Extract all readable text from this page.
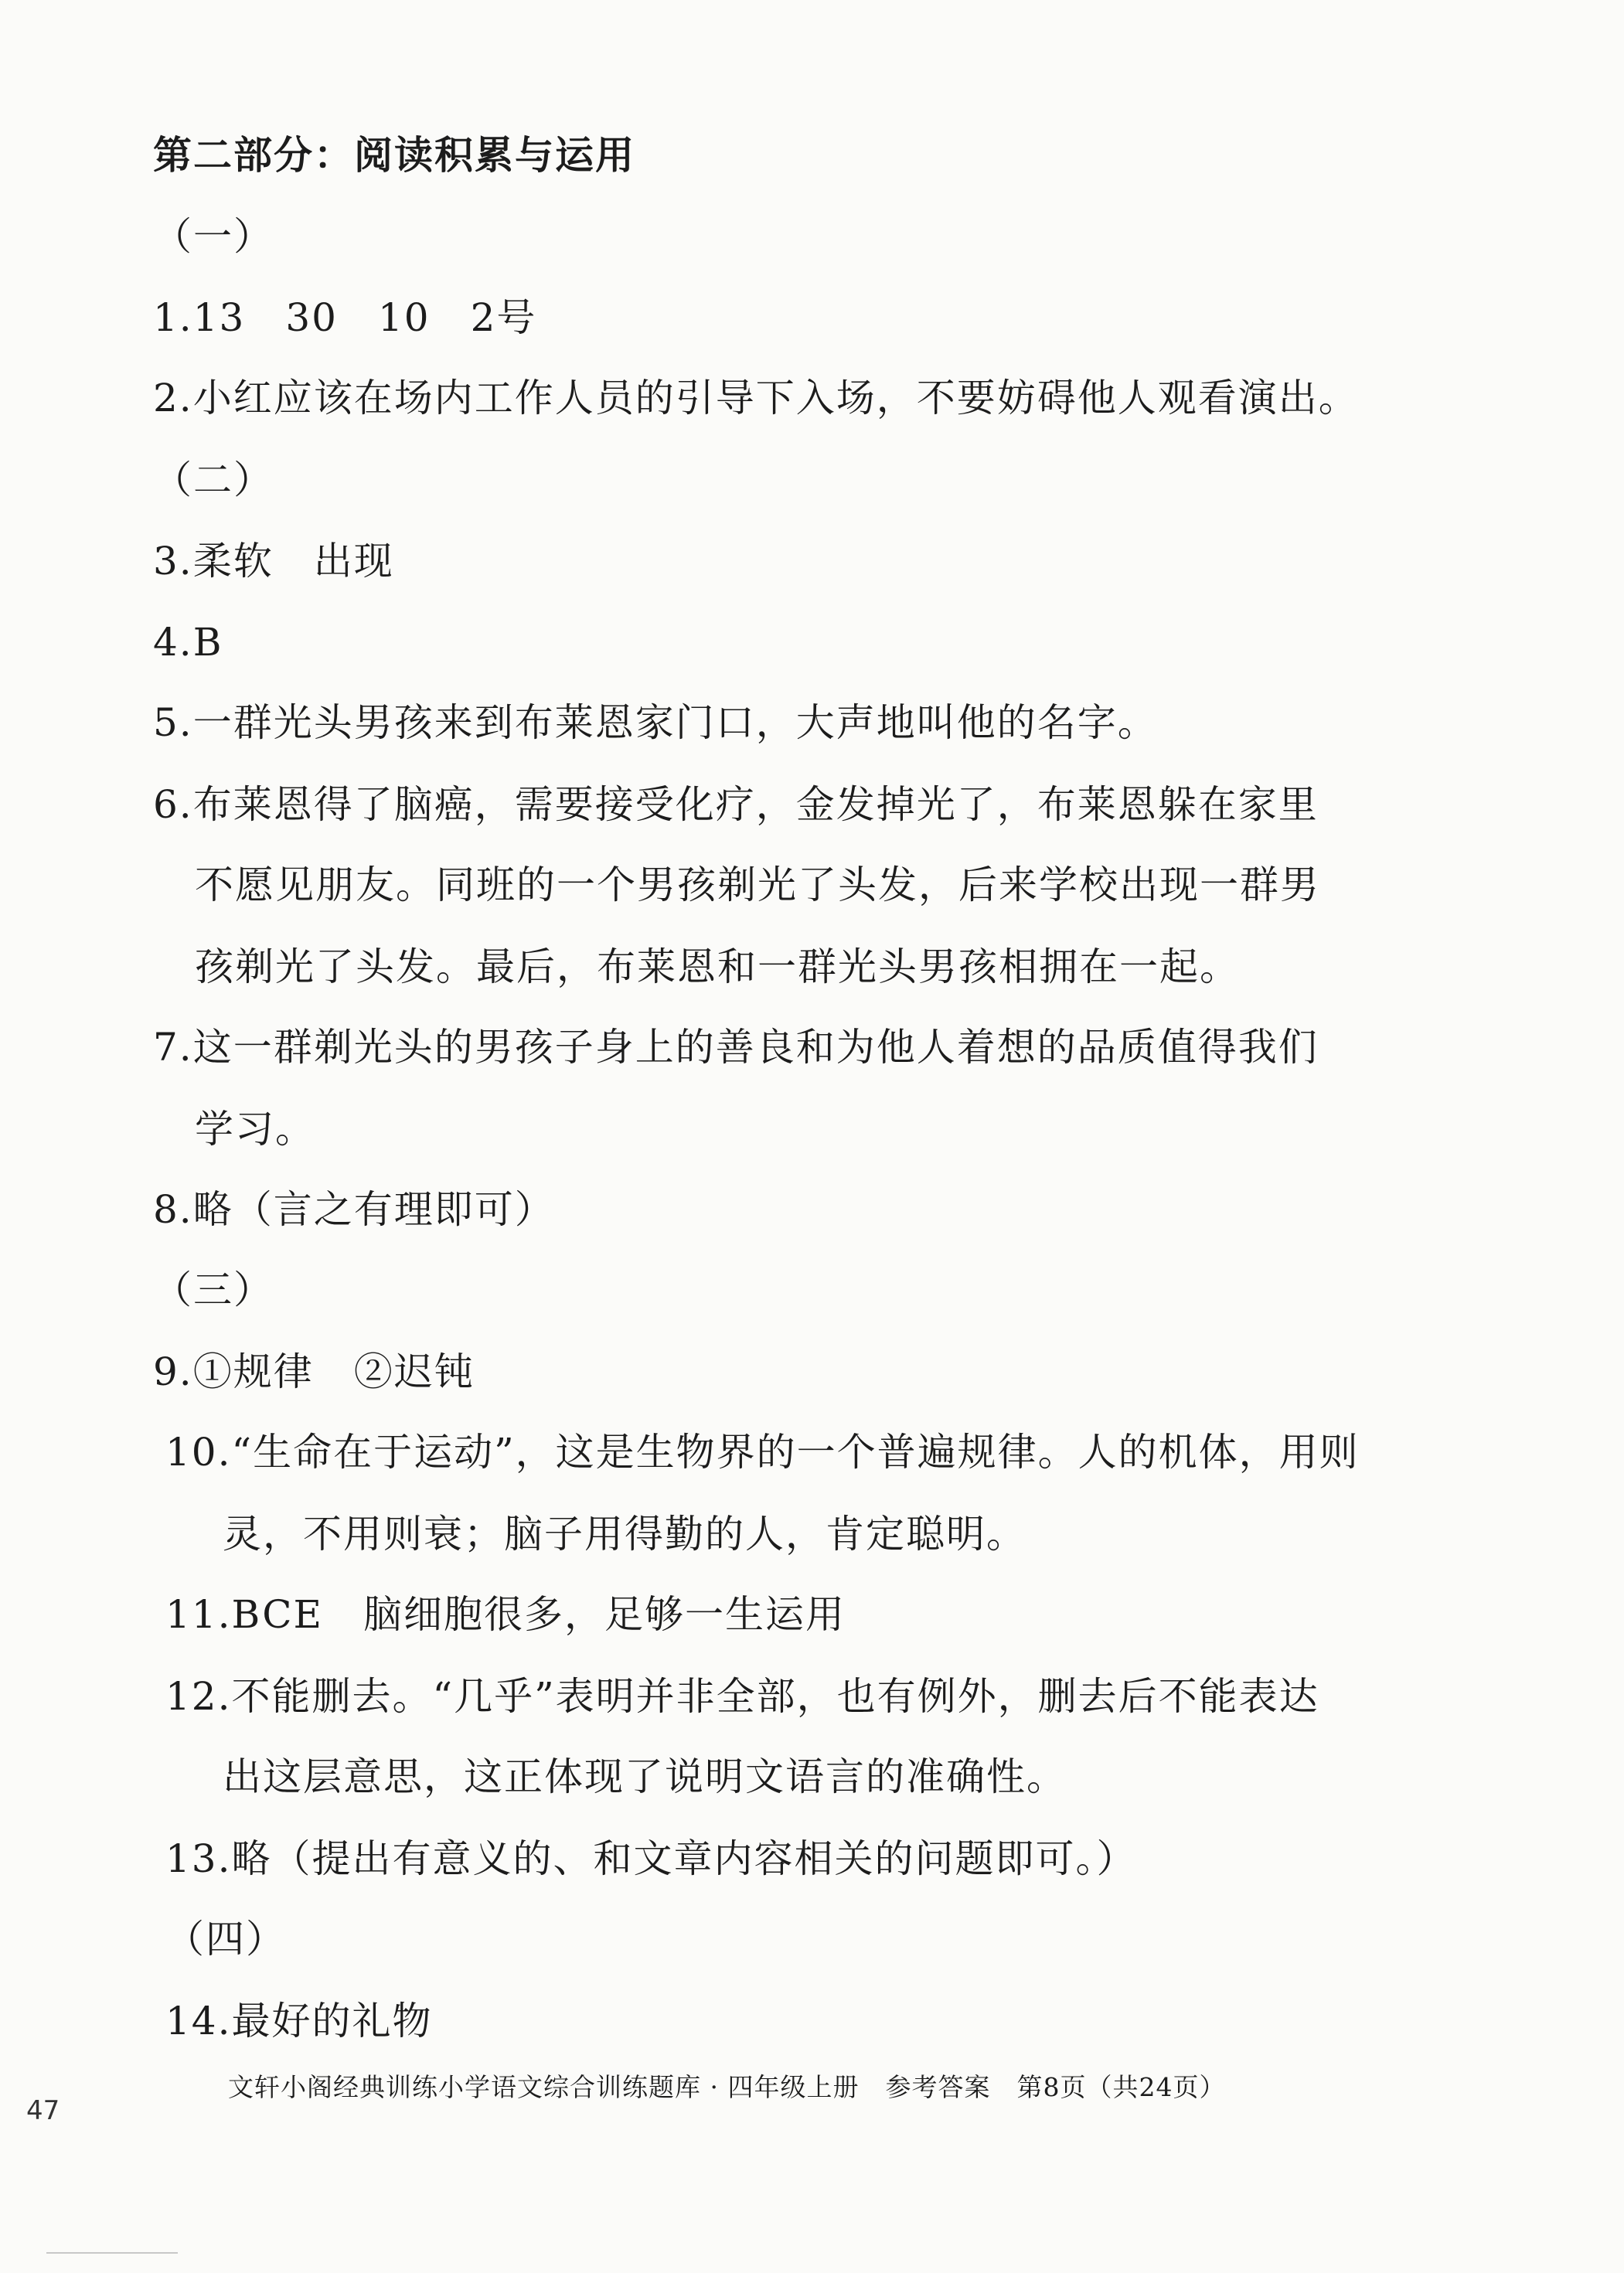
第二部分：阅读积累与运用
（一）
1.13　30　10　2号
2.小红应该在场内工作人员的引导下入场，不要妨碍他人观看演出。
（二）
3.柔软　出现
4.B
5.一群光头男孩来到布莱恩家门口，大声地叫他的名字。
6.布莱恩得了脑癌，需要接受化疗，金发掉光了，布莱恩躲在家里
不愿见朋友。同班的一个男孩剃光了头发，后来学校出现一群男
孩剃光了头发。最后，布莱恩和一群光头男孩相拥在一起。
7.这一群剃光头的男孩子身上的善良和为他人着想的品质值得我们
学习。
8.略（言之有理即可）
（三）
9.①规律　②迟钝
10.“生命在于运动”，这是生物界的一个普遍规律。人的机体，用则
灵，不用则衰；脑子用得勤的人，肯定聪明。
11.BCE　脑细胞很多，足够一生运用
12.不能删去。“几乎”表明并非全部，也有例外，删去后不能表达
出这层意思，这正体现了说明文语言的准确性。
13.略（提出有意义的、和文章内容相关的问题即可。）
（四）
14.最好的礼物
文轩小阁经典训练小学语文综合训练题库 · 四年级上册　参考答案　第8页（共24页）
47
